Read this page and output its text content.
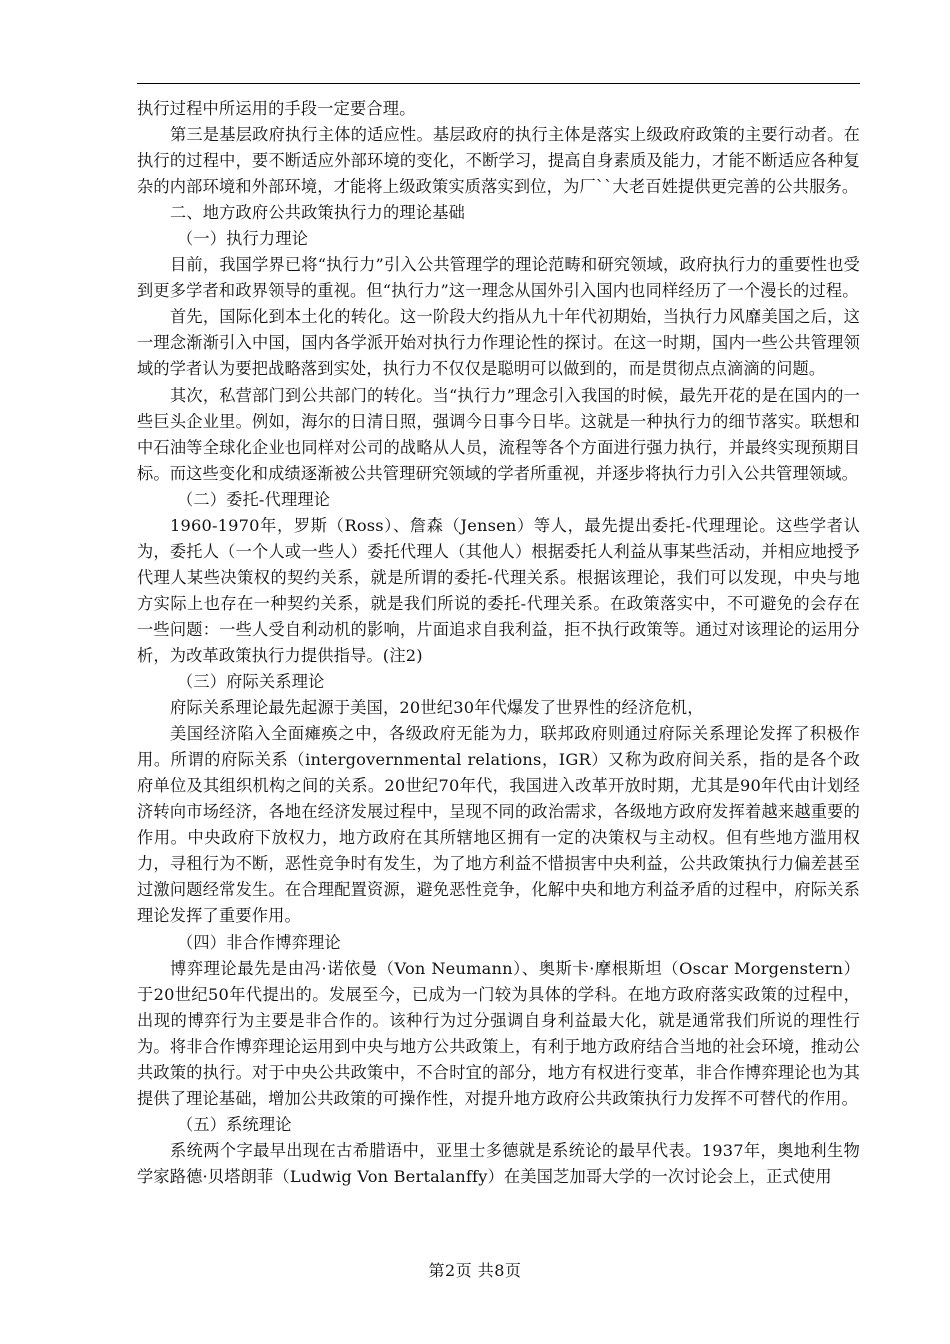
执行过程中所运用的手段一定要合理。

第三是基层政府执行主体的适应性。基层政府的执行主体是落实上级政府政策的主要行动者。在执行的过程中，要不断适应外部环境的变化，不断学习，提高自身素质及能力，才能不断适应各种复杂的内部环境和外部环境，才能将上级政策实质落实到位，为厂``大老百姓提供更完善的公共服务。

二、地方政府公共政策执行力的理论基础

（一）执行力理论

目前，我国学界已将“执行力”引入公共管理学的理论范畴和研究领域，政府执行力的重要性也受到更多学者和政界领导的重视。但“执行力”这一理念从国外引入国内也同样经历了一个漫长的过程。

首先，国际化到本土化的转化。这一阶段大约指从九十年代初期始，当执行力风靡美国之后，这一理念渐渐引入中国，国内各学派开始对执行力作理论性的探讨。在这一时期，国内一些公共管理领域的学者认为要把战略落到实处，执行力不仅仅是聪明可以做到的，而是贯彻点点滴滴的问题。

其次，私营部门到公共部门的转化。当“执行力”理念引入我国的时候，最先开花的是在国内的一些巨头企业里。例如，海尔的日清日照，强调今日事今日毕。这就是一种执行力的细节落实。联想和中石油等全球化企业也同样对公司的战略从人员，流程等各个方面进行强力执行，并最终实现预期目标。而这些变化和成绩逐渐被公共管理研究领域的学者所重视，并逐步将执行力引入公共管理领域。

（二）委托-代理理论

1960-1970年，罗斯（Ross）、詹森（Jensen）等人，最先提出委托-代理理论。这些学者认为，委托人（一个人或一些人）委托代理人（其他人）根据委托人利益从事某些活动，并相应地授予代理人某些决策权的契约关系，就是所谓的委托-代理关系。根据该理论，我们可以发现，中央与地方实际上也存在一种契约关系，就是我们所说的委托-代理关系。在政策落实中，不可避免的会存在一些问题：一些人受自利动机的影响，片面追求自我利益，拒不执行政策等。通过对该理论的运用分析，为改革政策执行力提供指导。(注2)

（三）府际关系理论

府际关系理论最先起源于美国，20世纪30年代爆发了世界性的经济危机，

美国经济陷入全面瘫痪之中，各级政府无能为力，联邦政府则通过府际关系理论发挥了积极作用。所谓的府际关系（intergovernmental relations，IGR）又称为政府间关系，指的是各个政府单位及其组织机构之间的关系。20世纪70年代，我国进入改革开放时期，尤其是90年代由计划经济转向市场经济，各地在经济发展过程中，呈现不同的政治需求，各级地方政府发挥着越来越重要的作用。中央政府下放权力，地方政府在其所辖地区拥有一定的决策权与主动权。但有些地方滥用权力，寻租行为不断，恶性竞争时有发生，为了地方利益不惜损害中央利益，公共政策执行力偏差甚至过激问题经常发生。在合理配置资源，避免恶性竞争，化解中央和地方利益矛盾的过程中，府际关系理论发挥了重要作用。

（四）非合作博弈理论

博弈理论最先是由冯·诺依曼（Von Neumann）、奥斯卡·摩根斯坦（Oscar Morgenstern）于20世纪50年代提出的。发展至今，已成为一门较为具体的学科。在地方政府落实政策的过程中，出现的博弈行为主要是非合作的。该种行为过分强调自身利益最大化，就是通常我们所说的理性行为。将非合作博弈理论运用到中央与地方公共政策上，有利于地方政府结合当地的社会环境，推动公共政策的执行。对于中央公共政策中，不合时宜的部分，地方有权进行变革，非合作博弈理论也为其提供了理论基础，增加公共政策的可操作性，对提升地方政府公共政策执行力发挥不可替代的作用。

（五）系统理论

系统两个字最早出现在古希腊语中，亚里士多德就是系统论的最早代表。1937年，奥地利生物学家路德·贝塔朗菲（Ludwig Von Bertalanffy）在美国芝加哥大学的一次讨论会上，正式使用

第2页 共8页
